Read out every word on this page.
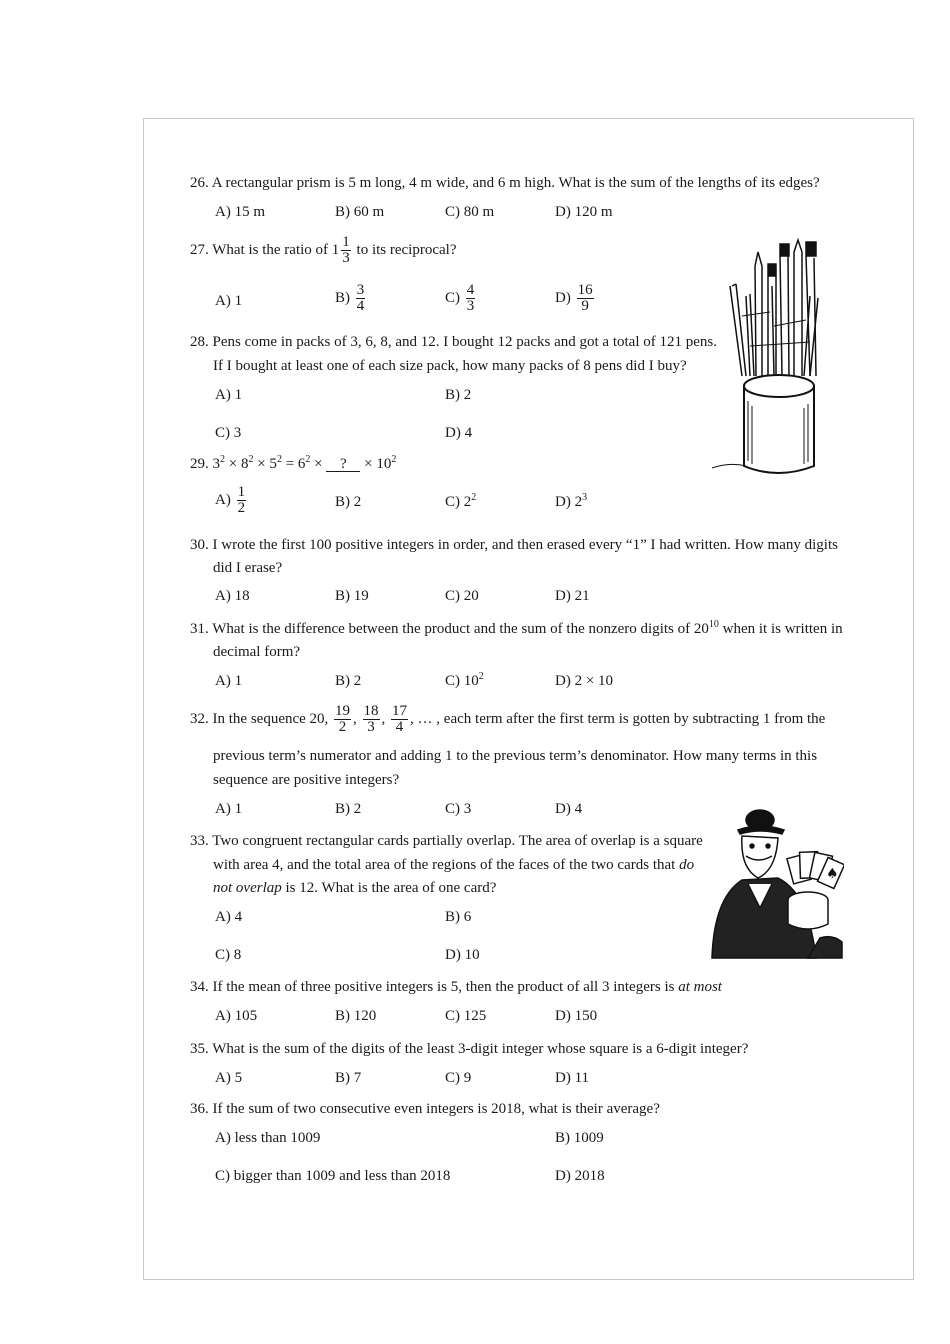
26. A rectangular prism is 5 m long, 4 m wide, and 6 m high. What is the sum of the lengths of its edges?
A) 15 m	B) 60 m	C) 80 m	D) 120 m
27. What is the ratio of $1 \frac{1}{3}$ to its reciprocal?
A) 1	$B) \frac{3}{4}$	$C) \frac{4}{3}$	$D) \frac{16}{9}$
28. Pens come in packs of 3, 6, 8, and 12. I bought 12 packs and got a total of 121 pens.
If I bought at least one of each size pack, how many packs of 8 pens did I buy?
A) 1	B) 2
C) 3	D) 4
29. $3^2 \times 8^2 \times 5^2 = 6^2$ × ? × $10^2$
$A) \frac{1}{2}$	B) 2	C) $2^2$	D) $2^3$
30. I wrote the first 100 positive integers in order, and then erased every “1” I had written. How many digits
did I erase?
A) 18	B) 19	C) 20	D) 21
31. What is the difference between the product and the sum of the nonzero digits of $20^{10}$ when it is written in
decimal form?
A) 1	B) 2	C) $10^2$	D) 2 × 10
32. In the sequence 20, $\frac{19}{2}$ , $\frac{18}{3}$ , $\frac{17}{4}$ , … , each term after the first term is gotten by subtracting 1 from the
previous term’s numerator and adding 1 to the previous term’s denominator. How many terms in this
sequence are positive integers?
A) 1	B) 2	C) 3	D) 4
♠
33. Two congruent rectangular cards partially overlap. The area of overlap is a square
with area 4, and the total area of the regions of the faces of the two cards that do
not overlap is 12. What is the area of one card?
A) 4	B) 6
C) 8	D) 10
34. If the mean of three positive integers is 5, then the product of all 3 integers is at most
A) 105	B) 120	C) 125	D) 150
35. What is the sum of the digits of the least 3-digit integer whose square is a 6-digit integer?
A) 5	B) 7	C) 9	D) 11
36. If the sum of two consecutive even integers is 2018, what is their average?
A) less than 1009	B) 1009
C) bigger than 1009 and less than 2018	D) 2018
